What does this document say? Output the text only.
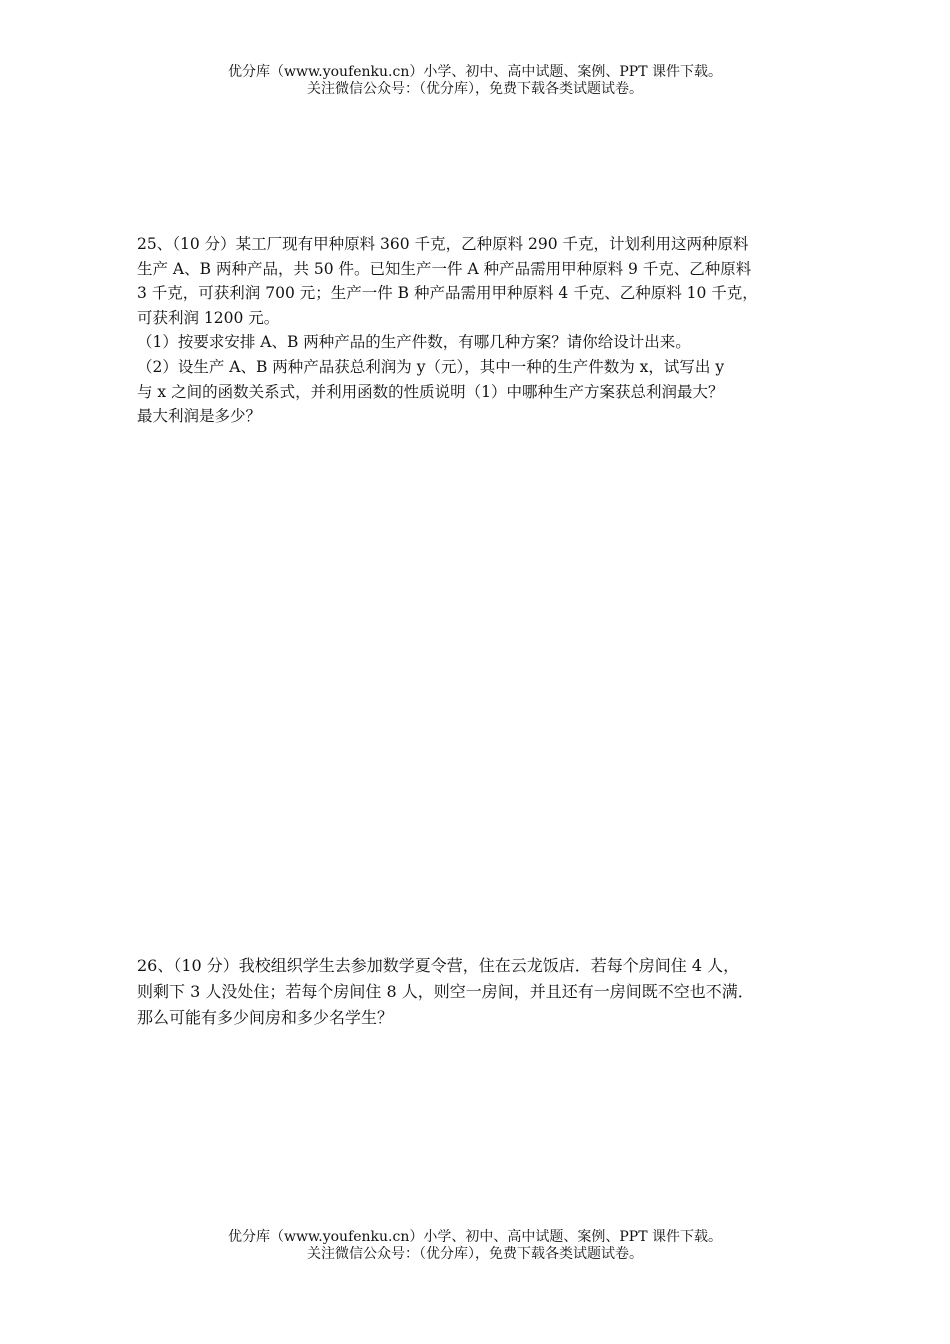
优分库（www.youfenku.cn）小学、初中、高中试题、案例、PPT 课件下载。
关注微信公众号：（优分库），免费下载各类试题试卷。
25、（10 分）某工厂现有甲种原料 360 千克，乙种原料 290 千克，计划利用这两种原料
生产 A、B 两种产品，共 50 件。已知生产一件 A 种产品需用甲种原料 9 千克、乙种原料
3 千克，可获利润 700 元；生产一件 B 种产品需用甲种原料 4 千克、乙种原料 10 千克，
可获利润 1200 元。
（1）按要求安排 A、B 两种产品的生产件数，有哪几种方案？请你给设计出来。
（2）设生产 A、B 两种产品获总利润为 y（元），其中一种的生产件数为 x，试写出 y
与 x 之间的函数关系式，并利用函数的性质说明（1）中哪种生产方案获总利润最大？
最大利润是多少？
26、（10 分）我校组织学生去参加数学夏令营，住在云龙饭店．若每个房间住 4 人，
则剩下 3 人没处住；若每个房间住 8 人，则空一房间，并且还有一房间既不空也不满．
那么可能有多少间房和多少名学生？
优分库（www.youfenku.cn）小学、初中、高中试题、案例、PPT 课件下载。
关注微信公众号：（优分库），免费下载各类试题试卷。
